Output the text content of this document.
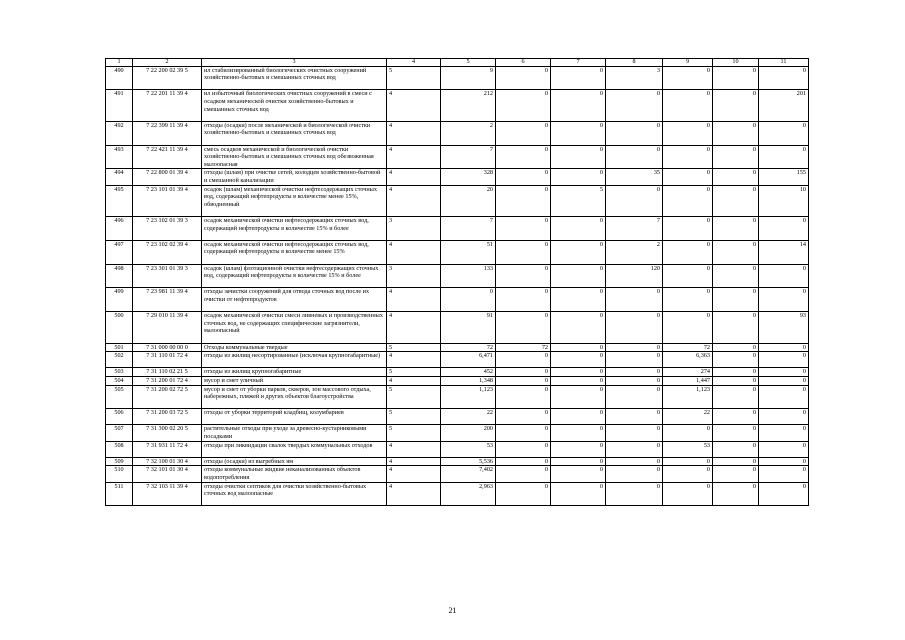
1	2	3	4	5	6	7	8	9	10	11
490	7 22 200 02 39 5	ил стабилизированный биологических очистных сооружений хозяйственно-бытовых и смешанных сточных вод	5	9	0	0	3	0	0	0
491	7 22 201 11 39 4	ил избыточный биологических очистных сооружений в смеси с осадком механической очистки хозяйственно-бытовых и смешанных сточных вод	4	212	0	0	0	0	0	201
492	7 22 399 11 39 4	отходы (осадки) после механической и биологической очистки хозяйственно-бытовых и смешанных сточных вод	4	2	0	0	0	0	0	0
493	7 22 421 11 39 4	смесь осадков механической и биологической очистки хозяйственно-бытовых и смешанных сточных вод обезвоженная малоопасная	4	7	0	0	0	0	0	0
494	7 22 800 01 39 4	отходы (шлам) при очистке сетей, колодцев хозяйственно-бытовой и смешанной канализации	4	328	0	0	35	0	0	155
495	7 23 101 01 39 4	осадок (шлам) механической очистки нефтесодержащих сточных вод, содержащий нефтепродукты в количестве менее 15%, обводненный	4	20	0	5	0	0	0	10
496	7 23 102 01 39 3	осадок механической очистки нефтесодержащих сточных вод, содержащий нефтепродукты в количестве 15% и более	3	7	0	0	7	0	0	0
497	7 23 102 02 39 4	осадок механической очистки нефтесодержащих сточных вод, содержащий нефтепродукты в количестве менее 15%	4	51	0	0	2	0	0	14
498	7 23 301 01 39 3	осадок (шлам) флотационной очистки нефтесодержащих сточных вод, содержащий нефтепродукты в количестве 15% и более	3	133	0	0	120	0	0	0
499	7 23 981 11 39 4	отходы зачистки сооружений для отвода сточных вод после их очистки от нефтепродуктов	4	0	0	0	0	0	0	0
500	7 29 010 11 39 4	осадок механической очистки смеси ливневых и производственных сточных вод, не содержащих специфические загрязнители, малоопасный	4	91	0	0	0	0	0	93
501	7 31 000 00 00 0	Отходы коммунальные твердые	5	72	72	0	0	72	0	0
502	7 31 110 01 72 4	отходы из жилищ несортированные (исключая крупногабаритные)	4	6,471	0	0	0	6,363	0	0
503	7 31 110 02 21 5	отходы из жилищ крупногабаритные	5	452	0	0	0	274	0	0
504	7 31 200 01 72 4	мусор и смет уличный	4	1,348	0	0	0	1,447	0	0
505	7 31 200 02 72 5	мусор и смет от уборки парков, скверов, зон массового отдыха, набережных, пляжей и других объектов благоустройства	5	1,123	0	0	0	1,123	0	0
506	7 31 200 03 72 5	отходы от уборки территорий кладбищ, колумбариев	5	22	0	0	0	22	0	0
507	7 31 300 02 20 5	растительные отходы при уходе за древесно-кустарниковыми посадками	5	200	0	0	0	0	0	0
508	7 31 931 11 72 4	отходы при ликвидации свалок твердых коммунальных отходов	4	53	0	0	0	53	0	0
509	7 32 100 01 30 4	отходы (осадки) из выгребных ям	4	5,536	0	0	0	0	0	0
510	7 32 101 01 30 4	отходы коммунальные жидкие неканализованных объектов водопотребления	4	7,402	0	0	0	0	0	0
511	7 32 103 11 39 4	отходы очистки септиков для очистки хозяйственно-бытовых сточных вод малоопасные	4	2,963	0	0	0	0	0	0
21
